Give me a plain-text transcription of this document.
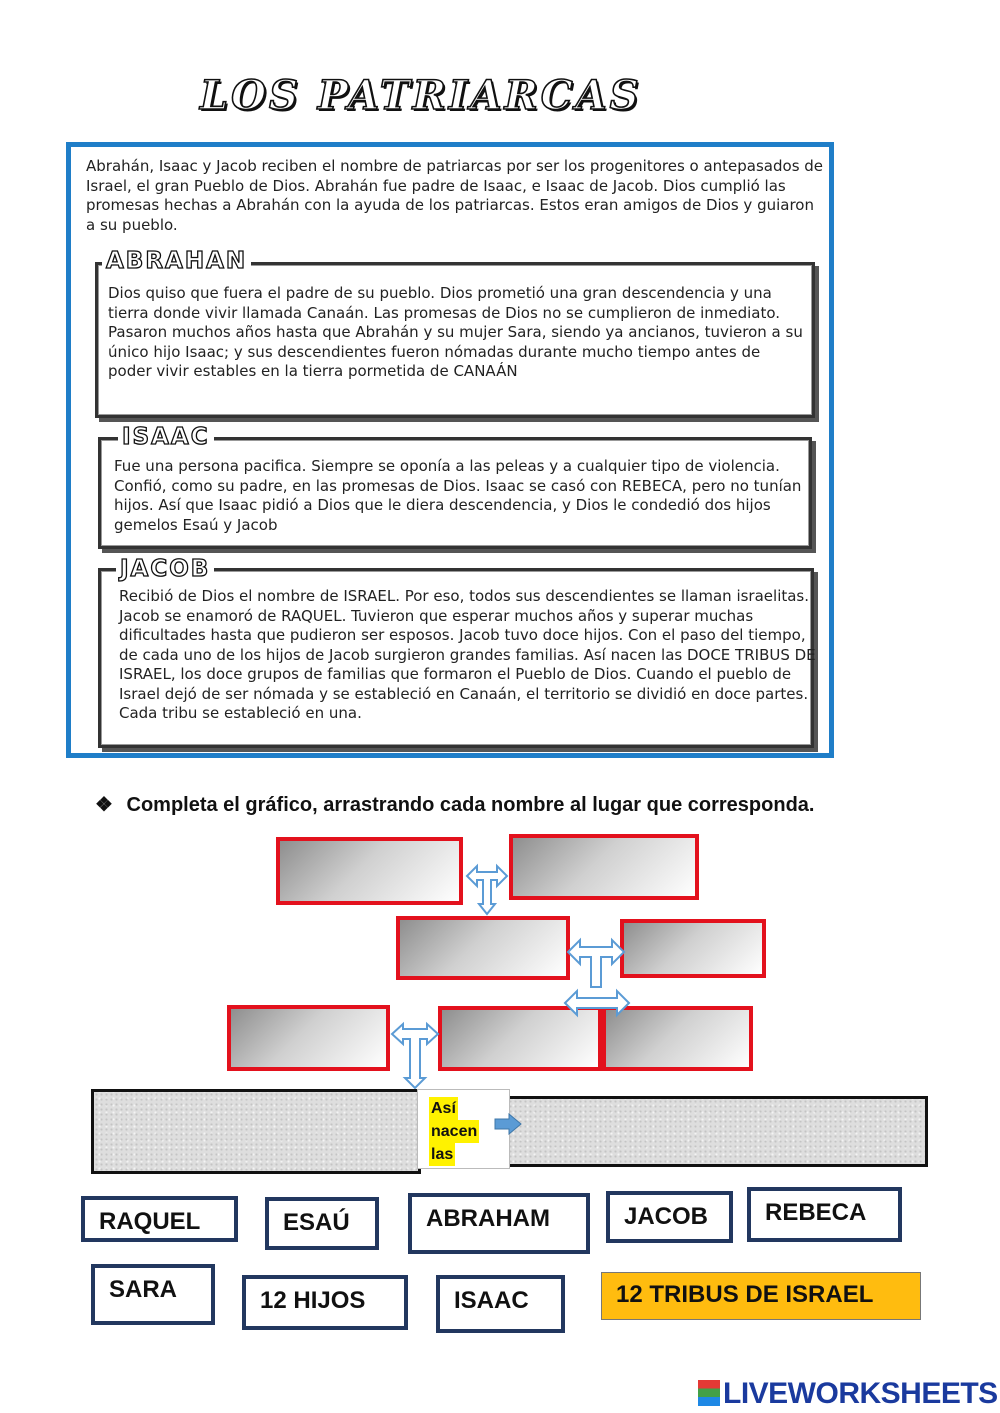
LOS PATRIARCAS
Abrahán, Isaac y Jacob reciben el nombre de patriarcas por ser los progenitores o antepasados de Israel, el gran Pueblo de Dios. Abrahán fue padre de Isaac, e Isaac de Jacob. Dios cumplió las promesas hechas a Abrahán con la ayuda de los patriarcas. Estos eran amigos de Dios y guiaron a su pueblo.
ABRAHAN
Dios quiso que fuera el padre de su pueblo. Dios prometió una gran descendencia y una tierra donde vivir llamada Canaán. Las promesas de Dios no se cumplieron de inmediato. Pasaron muchos años hasta que Abrahán y su mujer Sara, siendo ya ancianos, tuvieron a su único hijo Isaac; y sus descendientes fueron nómadas durante mucho tiempo antes de poder vivir estables en la tierra pormetida de CANAÁN
ISAAC
Fue una persona pacifica. Siempre se oponía a las peleas y a cualquier tipo de violencia. Confió, como su padre, en las promesas de Dios. Isaac se casó con REBECA, pero no tunían hijos. Así que Isaac pidió a Dios que le diera descendencia, y Dios le condedió dos hijos gemelos Esaú y Jacob
JACOB
Recibió de Dios el nombre de ISRAEL. Por eso, todos sus descendientes se llaman israelitas. Jacob se enamoró de RAQUEL. Tuvieron que esperar muchos años y superar muchas dificultades hasta que pudieron ser esposos. Jacob tuvo doce hijos. Con el paso del tiempo, de cada uno de los hijos de Jacob surgieron grandes familias. Así nacen las DOCE TRIBUS DE ISRAEL, los doce grupos de familias que formaron el Pueblo de Dios. Cuando el pueblo de Israel dejó de ser nómada y se estableció en Canaán, el territorio se dividió en doce partes. Cada tribu se estableció en una.
❖ Completa el gráfico, arrastrando cada nombre al lugar que corresponda.
Así
nacen
las
RAQUEL	ESAÚ	ABRAHAM	JACOB	REBECA
SARA	12 HIJOS	ISAAC	12 TRIBUS DE ISRAEL
LIVEWORKSHEETS
